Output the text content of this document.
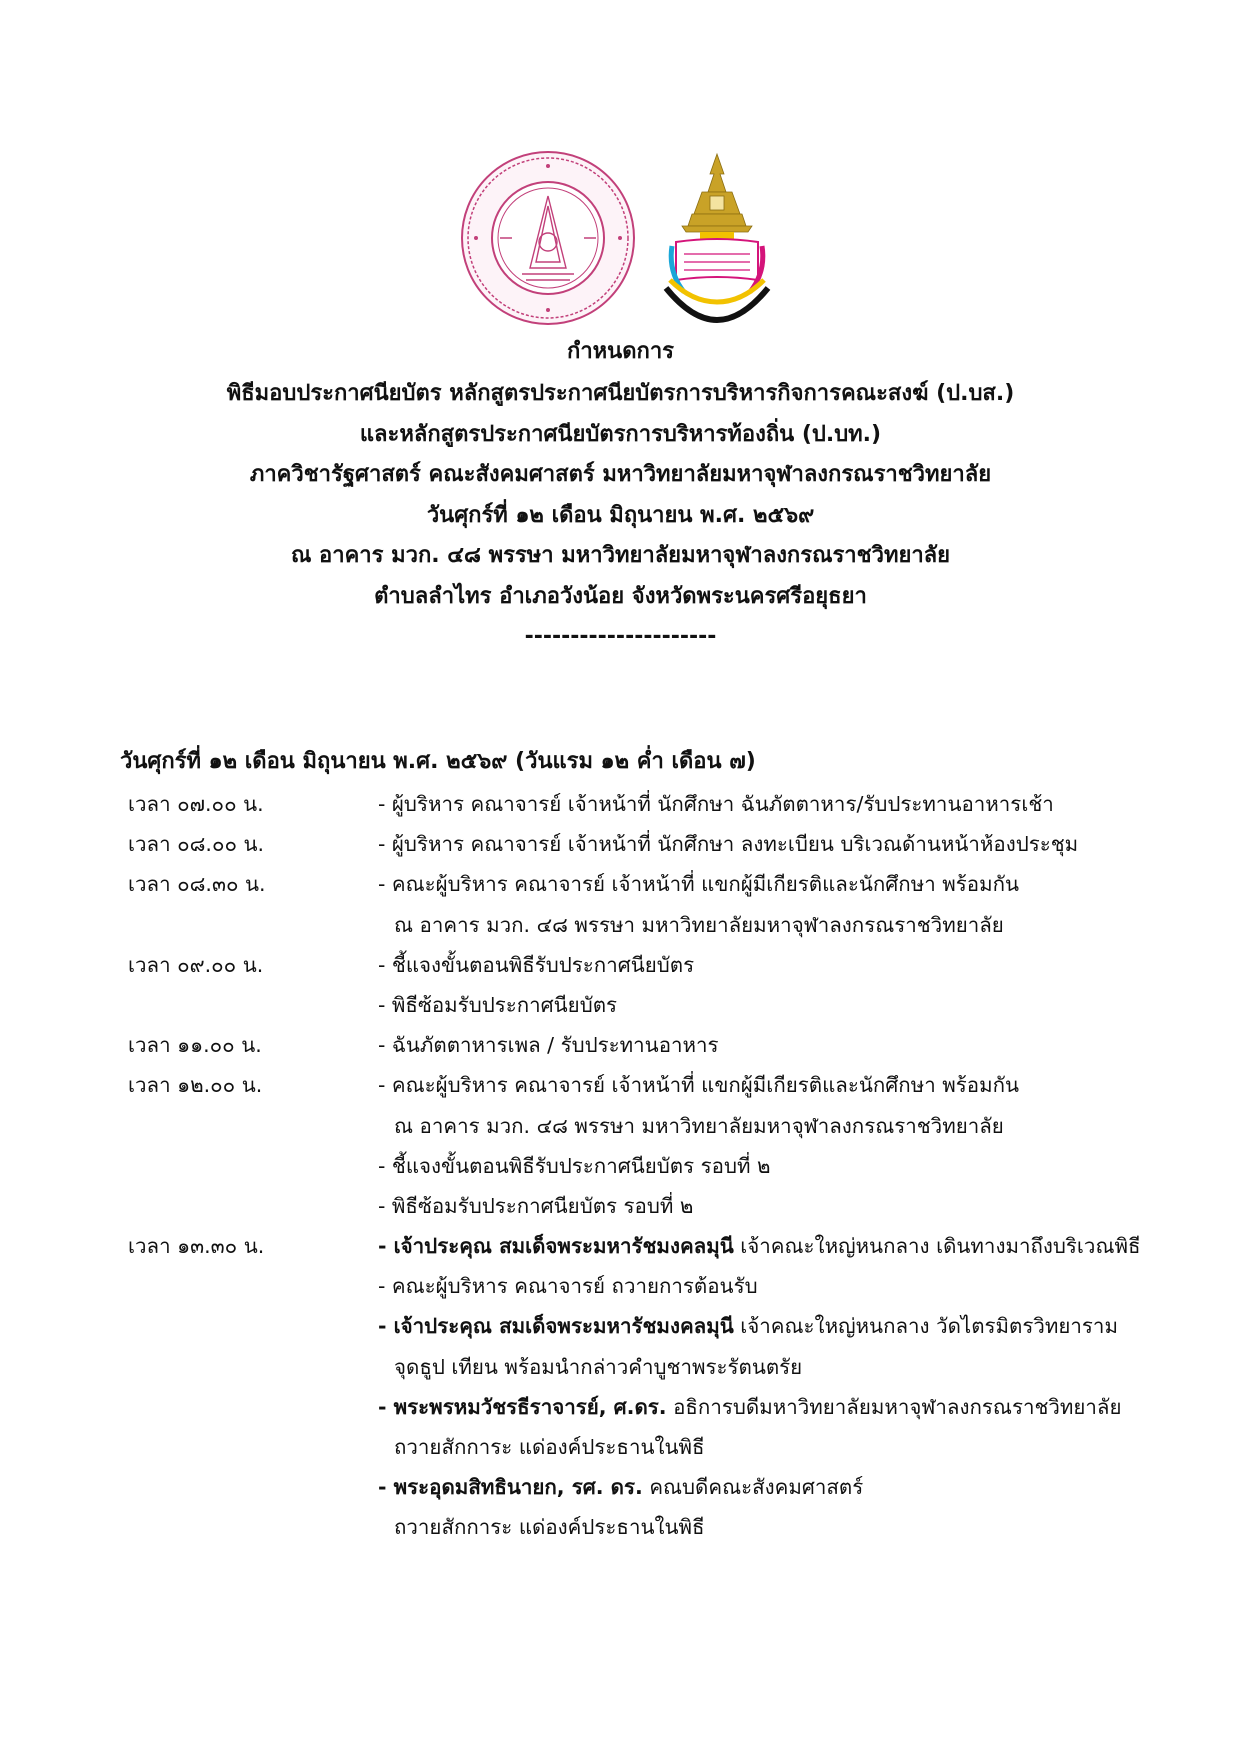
กำหนดการ
พิธีมอบประกาศนียบัตร หลักสูตรประกาศนียบัตรการบริหารกิจการคณะสงฆ์ (ป.บส.)
และหลักสูตรประกาศนียบัตรการบริหารท้องถิ่น (ป.บท.)
ภาควิชารัฐศาสตร์ คณะสังคมศาสตร์ มหาวิทยาลัยมหาจุฬาลงกรณราชวิทยาลัย
วันศุกร์ที่ ๑๒ เดือน มิถุนายน พ.ศ. ๒๕๖๙
ณ อาคาร มวก. ๔๘ พรรษา มหาวิทยาลัยมหาจุฬาลงกรณราชวิทยาลัย
ตำบลลำไทร อำเภอวังน้อย จังหวัดพระนครศรีอยุธยา
---------------------
วันศุกร์ที่ ๑๒ เดือน มิถุนายน พ.ศ. ๒๕๖๙ (วันแรม ๑๒ ค่ำ เดือน ๗)
เวลา ๐๗.๐๐ น.	- ผู้บริหาร คณาจารย์ เจ้าหน้าที่ นักศึกษา ฉันภัตตาหาร/รับประทานอาหารเช้า
เวลา ๐๘.๐๐ น.	- ผู้บริหาร คณาจารย์ เจ้าหน้าที่ นักศึกษา ลงทะเบียน บริเวณด้านหน้าห้องประชุม
เวลา ๐๘.๓๐ น.	- คณะผู้บริหาร คณาจารย์ เจ้าหน้าที่ แขกผู้มีเกียรติและนักศึกษา พร้อมกัน
ณ อาคาร มวก. ๔๘ พรรษา มหาวิทยาลัยมหาจุฬาลงกรณราชวิทยาลัย
เวลา ๐๙.๐๐ น.	- ชี้แจงขั้นตอนพิธีรับประกาศนียบัตร
- พิธีซ้อมรับประกาศนียบัตร
เวลา ๑๑.๐๐ น.	- ฉันภัตตาหารเพล / รับประทานอาหาร
เวลา ๑๒.๐๐ น.	- คณะผู้บริหาร คณาจารย์ เจ้าหน้าที่ แขกผู้มีเกียรติและนักศึกษา พร้อมกัน
ณ อาคาร มวก. ๔๘ พรรษา มหาวิทยาลัยมหาจุฬาลงกรณราชวิทยาลัย
- ชี้แจงขั้นตอนพิธีรับประกาศนียบัตร รอบที่ ๒
- พิธีซ้อมรับประกาศนียบัตร รอบที่ ๒
เวลา ๑๓.๓๐ น.	- เจ้าประคุณ สมเด็จพระมหารัชมงคลมุนี เจ้าคณะใหญ่หนกลาง เดินทางมาถึงบริเวณพิธี
- คณะผู้บริหาร คณาจารย์ ถวายการต้อนรับ
- เจ้าประคุณ สมเด็จพระมหารัชมงคลมุนี เจ้าคณะใหญ่หนกลาง วัดไตรมิตรวิทยาราม
จุดธูป เทียน พร้อมนำกล่าวคำบูชาพระรัตนตรัย
- พระพรหมวัชรธีราจารย์, ศ.ดร. อธิการบดีมหาวิทยาลัยมหาจุฬาลงกรณราชวิทยาลัย
ถวายสักการะ แด่องค์ประธานในพิธี
- พระอุดมสิทธินายก, รศ. ดร. คณบดีคณะสังคมศาสตร์
ถวายสักการะ แด่องค์ประธานในพิธี
